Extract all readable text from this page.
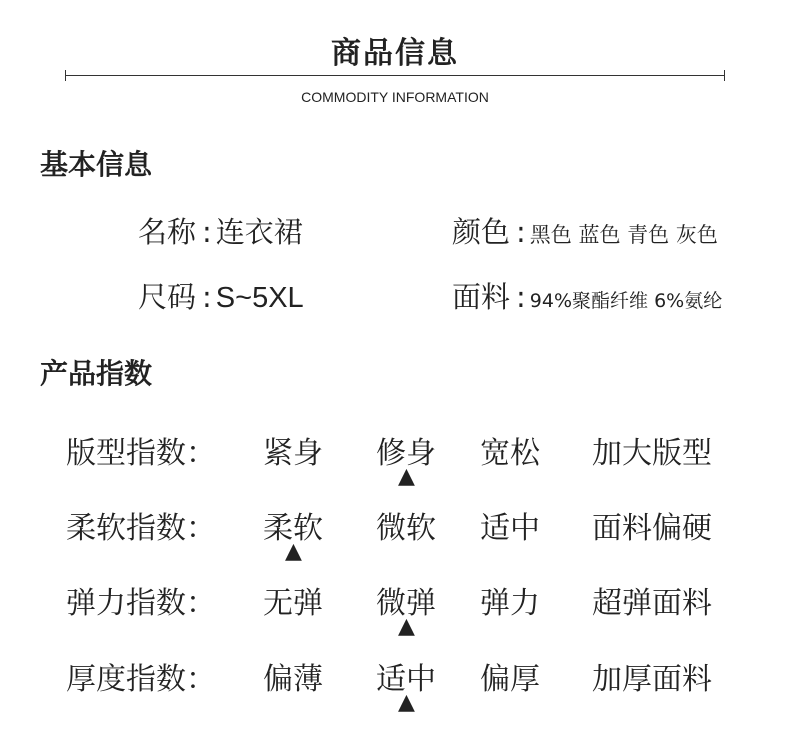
商品信息
COMMODITY INFORMATION
基本信息
名称 : 连衣裙	颜色 : 黑色 蓝色 青色 灰色
尺码 : S~5XL	面料 : 94%聚酯纤维 6%氨纶
产品指数
版型指数： 紧身 修身 宽松 加大版型
▲
柔软指数： 柔软 微软 适中 面料偏硬
▲
弹力指数： 无弹 微弹 弹力 超弹面料
▲
厚度指数： 偏薄 适中 偏厚 加厚面料
▲
